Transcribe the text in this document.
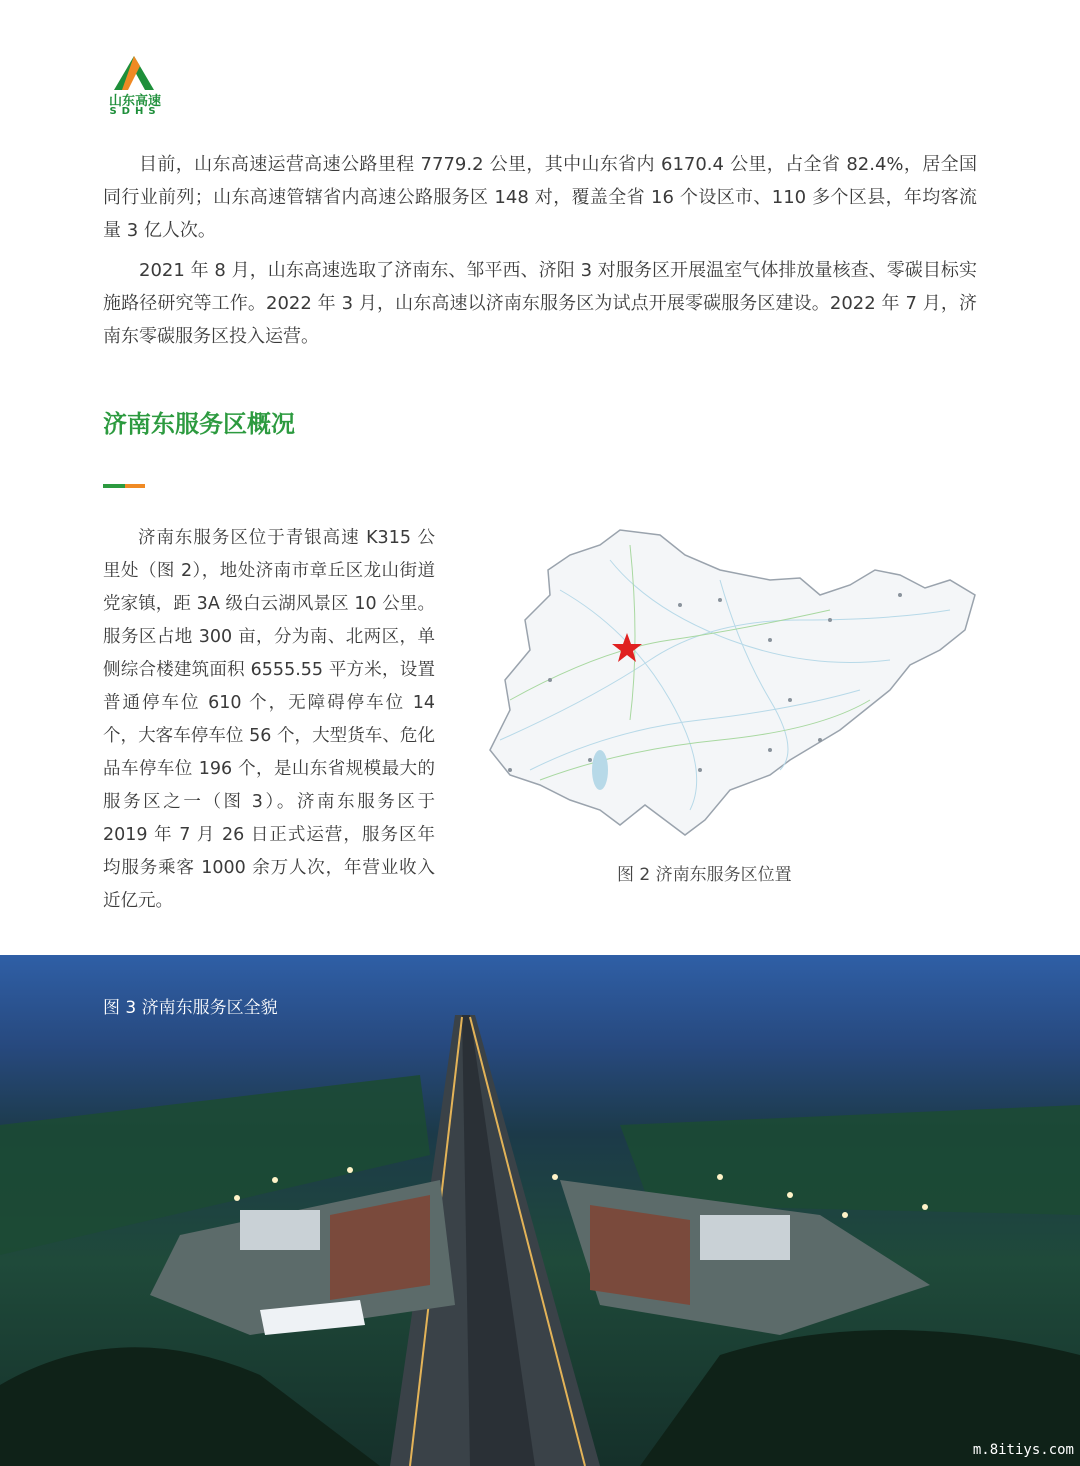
山东高速
SDHS

目前，山东高速运营高速公路里程 7779.2 公里，其中山东省内 6170.4 公里，占全省 82.4%，居全国同行业前列；山东高速管辖省内高速公路服务区 148 对，覆盖全省 16 个设区市、110 多个区县，年均客流量 3 亿人次。

2021 年 8 月，山东高速选取了济南东、邹平西、济阳 3 对服务区开展温室气体排放量核查、零碳目标实施路径研究等工作。2022 年 3 月，山东高速以济南东服务区为试点开展零碳服务区建设。2022 年 7 月，济南东零碳服务区投入运营。

济南东服务区概况

济南东服务区位于青银高速 K315 公里处（图 2），地处济南市章丘区龙山街道党家镇，距 3A 级白云湖风景区 10 公里。服务区占地 300 亩，分为南、北两区，单侧综合楼建筑面积 6555.55 平方米，设置普通停车位 610 个，无障碍停车位 14 个，大客车停车位 56 个，大型货车、危化品车停车位 196 个，是山东省规模最大的服务区之一（图 3）。济南东服务区于 2019 年 7 月 26 日正式运营，服务区年均服务乘客 1000 余万人次，年营业收入近亿元。

图 2 济南东服务区位置
图 3 济南东服务区全貌
m.8itiys.com
